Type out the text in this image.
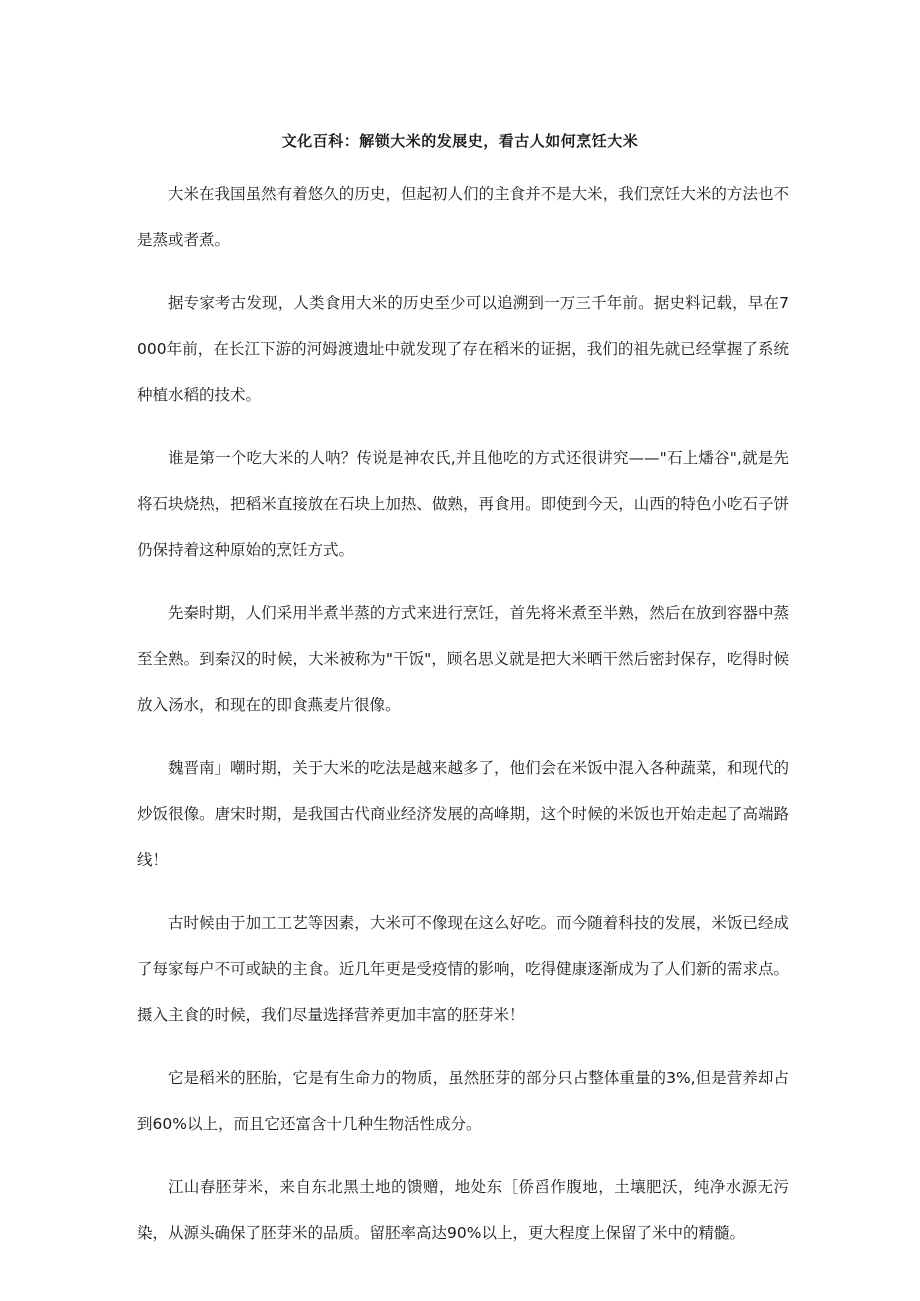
文化百科：解锁大米的发展史，看古人如何烹饪大米

大米在我国虽然有着悠久的历史，但起初人们的主食并不是大米，我们烹饪大米的方法也不是蒸或者煮。

据专家考古发现，人类食用大米的历史至少可以追溯到一万三千年前。据史料记载，早在7000年前，在长江下游的河姆渡遗址中就发现了存在稻米的证据，我们的祖先就已经掌握了系统种植水稻的技术。

谁是第一个吃大米的人呐？传说是神农氏,并且他吃的方式还很讲究——"石上燔谷",就是先将石块烧热，把稻米直接放在石块上加热、做熟，再食用。即使到今天，山西的特色小吃石子饼仍保持着这种原始的烹饪方式。

先秦时期，人们采用半煮半蒸的方式来进行烹饪，首先将米煮至半熟，然后在放到容器中蒸至全熟。到秦汉的时候，大米被称为"干饭"，顾名思义就是把大米晒干然后密封保存，吃得时候放入汤水，和现在的即食燕麦片很像。

魏晋南」嘲时期，关于大米的吃法是越来越多了，他们会在米饭中混入各种蔬菜，和现代的炒饭很像。唐宋时期，是我国古代商业经济发展的高峰期，这个时候的米饭也开始走起了高端路线！

古时候由于加工工艺等因素，大米可不像现在这么好吃。而今随着科技的发展，米饭已经成了每家每户不可或缺的主食。近几年更是受疫情的影响，吃得健康逐渐成为了人们新的需求点。摄入主食的时候，我们尽量选择营养更加丰富的胚芽米！

它是稻米的胚胎，它是有生命力的物质，虽然胚芽的部分只占整体重量的3%,但是营养却占到60%以上，而且它还富含十几种生物活性成分。

江山春胚芽米，来自东北黑土地的馈赠，地处东［侨舀作腹地，土壤肥沃，纯净水源无污染，从源头确保了胚芽米的品质。留胚率高达90%以上，更大程度上保留了米中的精髓。
